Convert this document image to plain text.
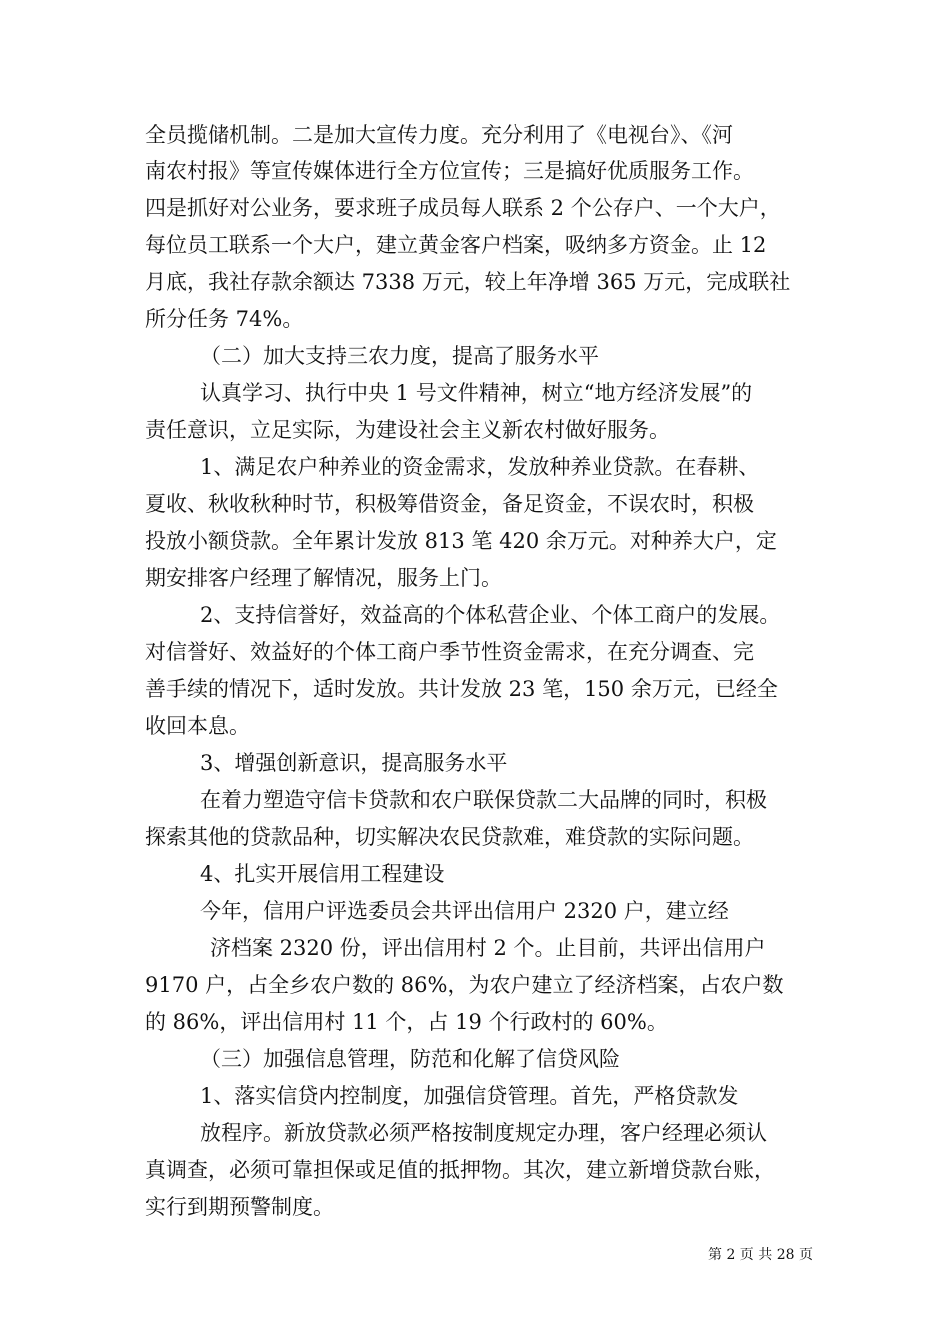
全员揽储机制。二是加大宣传力度。充分利用了《电视台》、《河
南农村报》等宣传媒体进行全方位宣传；三是搞好优质服务工作。
四是抓好对公业务，要求班子成员每人联系 2 个公存户、一个大户，
每位员工联系一个大户，建立黄金客户档案，吸纳多方资金。止 12
月底，我社存款余额达 7338 万元，较上年净增 365 万元，完成联社
所分任务 74%。
（二）加大支持三农力度，提高了服务水平
认真学习、执行中央 1 号文件精神，树立“地方经济发展”的
责任意识，立足实际，为建设社会主义新农村做好服务。
1、满足农户种养业的资金需求，发放种养业贷款。在春耕、
夏收、秋收秋种时节，积极筹借资金，备足资金，不误农时，积极
投放小额贷款。全年累计发放 813 笔 420 余万元。对种养大户，定
期安排客户经理了解情况，服务上门。
2、支持信誉好，效益高的个体私营企业、个体工商户的发展。
对信誉好、效益好的个体工商户季节性资金需求，在充分调查、完
善手续的情况下，适时发放。共计发放 23 笔，150 余万元，已经全
收回本息。
3、增强创新意识，提高服务水平
在着力塑造守信卡贷款和农户联保贷款二大品牌的同时，积极
探索其他的贷款品种，切实解决农民贷款难，难贷款的实际问题。
4、扎实开展信用工程建设
今年，信用户评选委员会共评出信用户 2320 户，建立经
济档案 2320 份，评出信用村 2 个。止目前，共评出信用户
9170 户，占全乡农户数的 86%，为农户建立了经济档案，占农户数
的 86%，评出信用村 11 个，占 19 个行政村的 60%。
（三）加强信息管理，防范和化解了信贷风险
1、落实信贷内控制度，加强信贷管理。首先，严格贷款发
放程序。新放贷款必须严格按制度规定办理，客户经理必须认
真调查，必须可靠担保或足值的抵押物。其次，建立新增贷款台账，
实行到期预警制度。
第 2 页 共 28 页
